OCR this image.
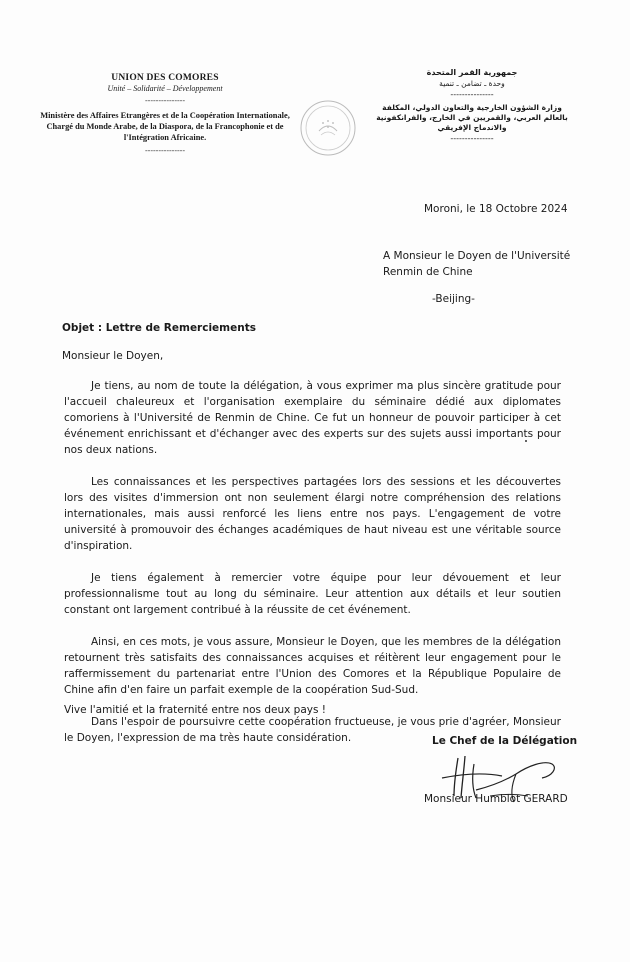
UNION DES COMORES
Unité – Solidarité – Développement
---------------
Ministère des Affaires Etrangères et de la Coopération Internationale, Chargé du Monde Arabe, de la Diaspora, de la Francophonie et de l'Intégration Africaine.
---------------
جمهورية القمر المتحدة
وحدة ـ تضامن ـ تنمية
---------------
وزارة الشؤون الخارجية والتعاون الدولي، المكلفة بالعالم العربي، والقمريين في الخارج، والفرانكفونية والاندماج الإفريقي
---------------
Moroni, le 18 Octobre 2024
A Monsieur le Doyen de l'Université
Renmin de Chine
-Beijing-
Objet : Lettre de Remerciements
Monsieur le Doyen,

Je tiens, au nom de toute la délégation, à vous exprimer ma plus sincère gratitude pour l'accueil chaleureux et l'organisation exemplaire du séminaire dédié aux diplomates comoriens à l'Université de Renmin de Chine. Ce fut un honneur de pouvoir participer à cet événement enrichissant et d'échanger avec des experts sur des sujets aussi importants pour nos deux nations.

Les connaissances et les perspectives partagées lors des sessions et les découvertes lors des visites d'immersion ont non seulement élargi notre compréhension des relations internationales, mais aussi renforcé les liens entre nos pays. L'engagement de votre université à promouvoir des échanges académiques de haut niveau est une véritable source d'inspiration.

Je tiens également à remercier votre équipe pour leur dévouement et leur professionnalisme tout au long du séminaire. Leur attention aux détails et leur soutien constant ont largement contribué à la réussite de cet événement.

Ainsi, en ces mots, je vous assure, Monsieur le Doyen, que les membres de la délégation retournent très satisfaits des connaissances acquises et réitèrent leur engagement pour le raffermissement du partenariat entre l'Union des Comores et la République Populaire de Chine afin d'en faire un parfait exemple de la coopération Sud-Sud.

Dans l'espoir de poursuivre cette coopération fructueuse, je vous prie d'agréer, Monsieur le Doyen, l'expression de ma très haute considération.

Vive l'amitié et la fraternité entre nos deux pays !
Le Chef de la Délégation
Monsieur Humblot GERARD
